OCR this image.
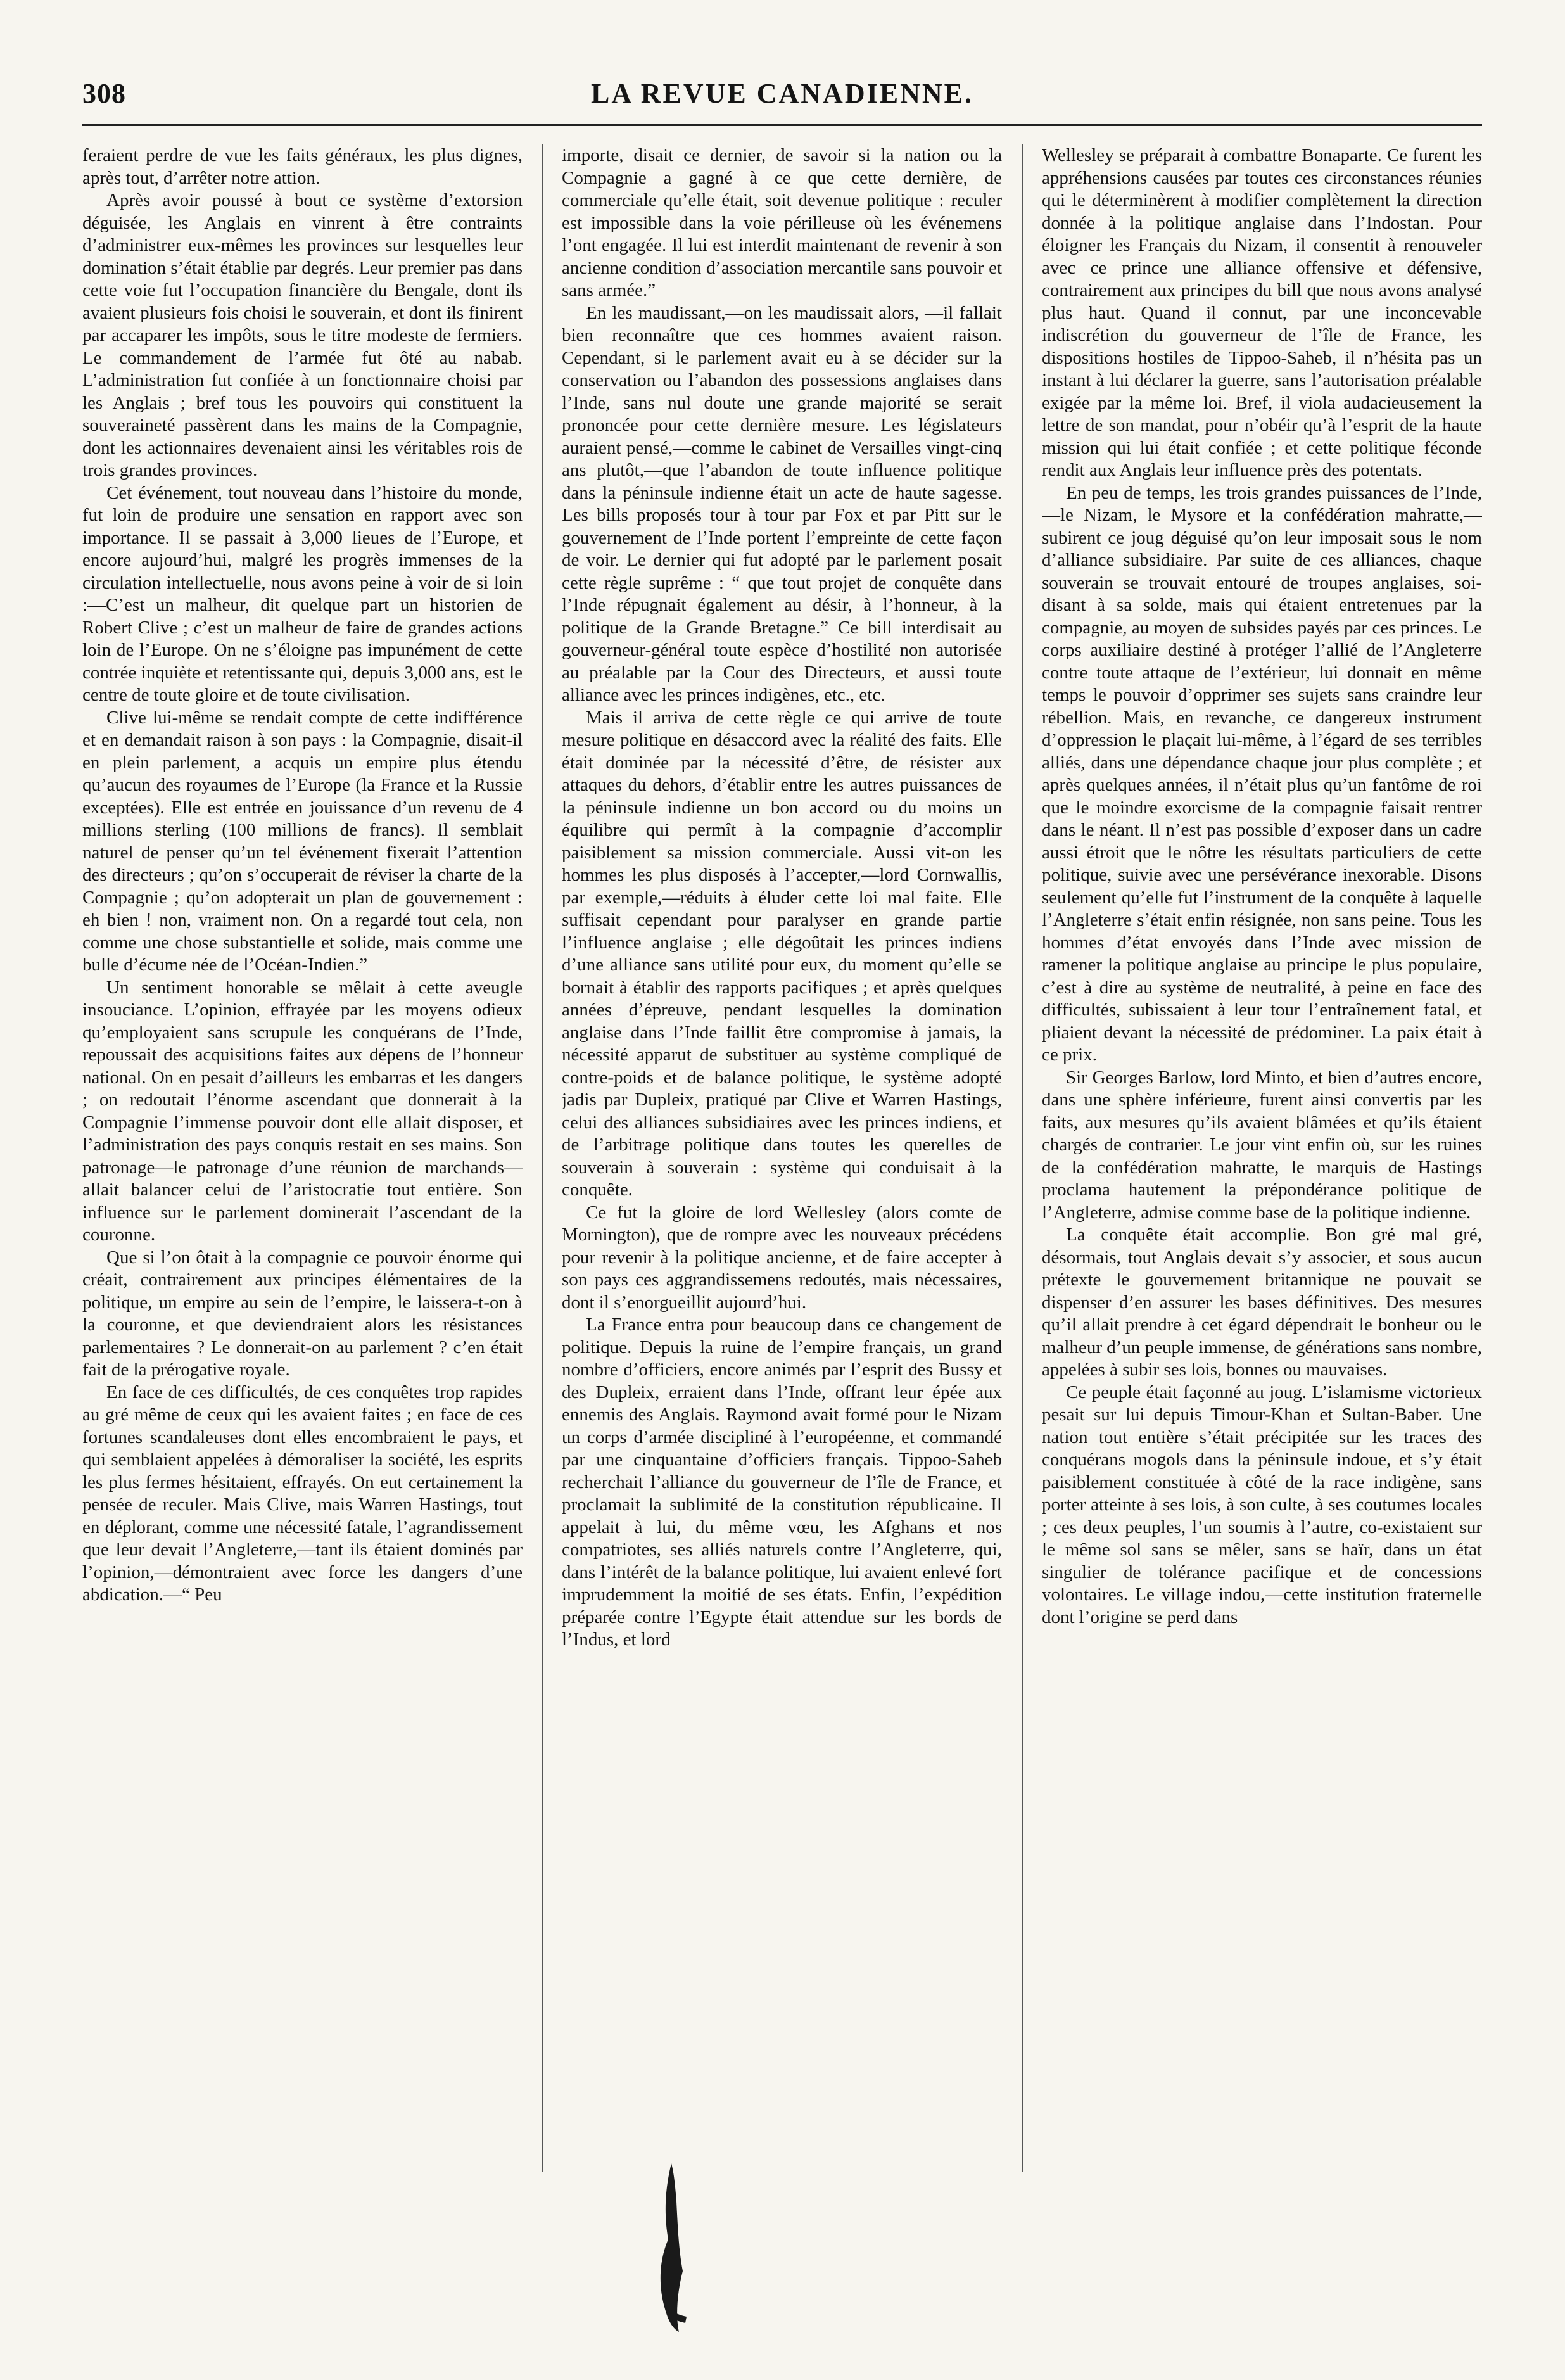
308	LA REVUE CANADIENNE.

feraient perdre de vue les faits généraux, les plus dignes, après tout, d’arrêter notre attion.

Après avoir poussé à bout ce système d’extorsion déguisée, les Anglais en vinrent à être contraints d’administrer eux-mêmes les provinces sur lesquelles leur domination s’était établie par degrés. Leur premier pas dans cette voie fut l’occupation financière du Bengale, dont ils avaient plusieurs fois choisi le souverain, et dont ils finirent par accaparer les impôts, sous le titre modeste de fermiers. Le commandement de l’armée fut ôté au nabab. L’administration fut confiée à un fonctionnaire choisi par les Anglais ; bref tous les pouvoirs qui constituent la souveraineté passèrent dans les mains de la Compagnie, dont les actionnaires devenaient ainsi les véritables rois de trois grandes provinces.

Cet événement, tout nouveau dans l’histoire du monde, fut loin de produire une sensation en rapport avec son importance. Il se passait à 3,000 lieues de l’Europe, et encore aujourd’hui, malgré les progrès immenses de la circulation intellectuelle, nous avons peine à voir de si loin :—C’est un malheur, dit quelque part un historien de Robert Clive ; c’est un malheur de faire de grandes actions loin de l’Europe. On ne s’éloigne pas impunément de cette contrée inquiète et retentissante qui, depuis 3,000 ans, est le centre de toute gloire et de toute civilisation.

Clive lui-même se rendait compte de cette indifférence et en demandait raison à son pays : la Compagnie, disait-il en plein parlement, a acquis un empire plus étendu qu’aucun des royaumes de l’Europe (la France et la Russie exceptées). Elle est entrée en jouissance d’un revenu de 4 millions sterling (100 millions de francs). Il semblait naturel de penser qu’un tel événement fixerait l’attention des directeurs ; qu’on s’occuperait de réviser la charte de la Compagnie ; qu’on adopterait un plan de gouvernement : eh bien ! non, vraiment non. On a regardé tout cela, non comme une chose substantielle et solide, mais comme une bulle d’écume née de l’Océan-Indien.”

Un sentiment honorable se mêlait à cette aveugle insouciance. L’opinion, effrayée par les moyens odieux qu’employaient sans scrupule les conquérans de l’Inde, repoussait des acquisitions faites aux dépens de l’honneur national. On en pesait d’ailleurs les embarras et les dangers ; on redoutait l’énorme ascendant que donnerait à la Compagnie l’immense pouvoir dont elle allait disposer, et l’administration des pays conquis restait en ses mains. Son patronage—le patronage d’une réunion de marchands—allait balancer celui de l’aristocratie tout entière. Son influence sur le parlement dominerait l’ascendant de la couronne.

Que si l’on ôtait à la compagnie ce pouvoir énorme qui créait, contrairement aux principes élémentaires de la politique, un empire au sein de l’empire, le laissera-t-on à la couronne, et que deviendraient alors les résistances parlementaires ? Le donnerait-on au parlement ? c’en était fait de la prérogative royale.

En face de ces difficultés, de ces conquêtes trop rapides au gré même de ceux qui les avaient faites ; en face de ces fortunes scandaleuses dont elles encombraient le pays, et qui semblaient appelées à démoraliser la société, les esprits les plus fermes hésitaient, effrayés. On eut certainement la pensée de reculer. Mais Clive, mais Warren Hastings, tout en déplorant, comme une nécessité fatale, l’agrandissement que leur devait l’Angleterre,—tant ils étaient dominés par l’opinion,—démontraient avec force les dangers d’une abdication.—“ Peu

importe, disait ce dernier, de savoir si la nation ou la Compagnie a gagné à ce que cette dernière, de commerciale qu’elle était, soit devenue politique : reculer est impossible dans la voie périlleuse où les événemens l’ont engagée. Il lui est interdit maintenant de revenir à son ancienne condition d’association mercantile sans pouvoir et sans armée.”

En les maudissant,—on les maudissait alors, —il fallait bien reconnaître que ces hommes avaient raison. Cependant, si le parlement avait eu à se décider sur la conservation ou l’abandon des possessions anglaises dans l’Inde, sans nul doute une grande majorité se serait prononcée pour cette dernière mesure. Les législateurs auraient pensé,—comme le cabinet de Versailles vingt-cinq ans plutôt,—que l’abandon de toute influence politique dans la péninsule indienne était un acte de haute sagesse. Les bills proposés tour à tour par Fox et par Pitt sur le gouvernement de l’Inde portent l’empreinte de cette façon de voir. Le dernier qui fut adopté par le parlement posait cette règle suprême : “ que tout projet de conquête dans l’Inde répugnait également au désir, à l’honneur, à la politique de la Grande Bretagne.” Ce bill interdisait au gouverneur-général toute espèce d’hostilité non autorisée au préalable par la Cour des Directeurs, et aussi toute alliance avec les princes indigènes, etc., etc.

Mais il arriva de cette règle ce qui arrive de toute mesure politique en désaccord avec la réalité des faits. Elle était dominée par la nécessité d’être, de résister aux attaques du dehors, d’établir entre les autres puissances de la péninsule indienne un bon accord ou du moins un équilibre qui permît à la compagnie d’accomplir paisiblement sa mission commerciale. Aussi vit-on les hommes les plus disposés à l’accepter,—lord Cornwallis, par exemple,—réduits à éluder cette loi mal faite. Elle suffisait cependant pour paralyser en grande partie l’influence anglaise ; elle dégoûtait les princes indiens d’une alliance sans utilité pour eux, du moment qu’elle se bornait à établir des rapports pacifiques ; et après quelques années d’épreuve, pendant lesquelles la domination anglaise dans l’Inde faillit être compromise à jamais, la nécessité apparut de substituer au système compliqué de contre-poids et de balance politique, le système adopté jadis par Dupleix, pratiqué par Clive et Warren Hastings, celui des alliances subsidiaires avec les princes indiens, et de l’arbitrage politique dans toutes les querelles de souverain à souverain : système qui conduisait à la conquête.

Ce fut la gloire de lord Wellesley (alors comte de Mornington), que de rompre avec les nouveaux précédens pour revenir à la politique ancienne, et de faire accepter à son pays ces aggrandissemens redoutés, mais nécessaires, dont il s’enorgueillit aujourd’hui.

La France entra pour beaucoup dans ce changement de politique. Depuis la ruine de l’empire français, un grand nombre d’officiers, encore animés par l’esprit des Bussy et des Dupleix, erraient dans l’Inde, offrant leur épée aux ennemis des Anglais. Raymond avait formé pour le Nizam un corps d’armée discipliné à l’européenne, et commandé par une cinquantaine d’officiers français. Tippoo-Saheb recherchait l’alliance du gouverneur de l’île de France, et proclamait la sublimité de la constitution républicaine. Il appelait à lui, du même vœu, les Afghans et nos compatriotes, ses alliés naturels contre l’Angleterre, qui, dans l’intérêt de la balance politique, lui avaient enlevé fort imprudemment la moitié de ses états. Enfin, l’expédition préparée contre l’Egypte était attendue sur les bords de l’Indus, et lord

Wellesley se préparait à combattre Bonaparte. Ce furent les appréhensions causées par toutes ces circonstances réunies qui le déterminèrent à modifier complètement la direction donnée à la politique anglaise dans l’Indostan. Pour éloigner les Français du Nizam, il consentit à renouveler avec ce prince une alliance offensive et défensive, contrairement aux principes du bill que nous avons analysé plus haut. Quand il connut, par une inconcevable indiscrétion du gouverneur de l’île de France, les dispositions hostiles de Tippoo-Saheb, il n’hésita pas un instant à lui déclarer la guerre, sans l’autorisation préalable exigée par la même loi. Bref, il viola audacieusement la lettre de son mandat, pour n’obéir qu’à l’esprit de la haute mission qui lui était confiée ; et cette politique féconde rendit aux Anglais leur influence près des potentats.

En peu de temps, les trois grandes puissances de l’Inde,—le Nizam, le Mysore et la confédération mahratte,—subirent ce joug déguisé qu’on leur imposait sous le nom d’alliance subsidiaire. Par suite de ces alliances, chaque souverain se trouvait entouré de troupes anglaises, soi-disant à sa solde, mais qui étaient entretenues par la compagnie, au moyen de subsides payés par ces princes. Le corps auxiliaire destiné à protéger l’allié de l’Angleterre contre toute attaque de l’extérieur, lui donnait en même temps le pouvoir d’opprimer ses sujets sans craindre leur rébellion. Mais, en revanche, ce dangereux instrument d’oppression le plaçait lui-même, à l’égard de ses terribles alliés, dans une dépendance chaque jour plus complète ; et après quelques années, il n’était plus qu’un fantôme de roi que le moindre exorcisme de la compagnie faisait rentrer dans le néant. Il n’est pas possible d’exposer dans un cadre aussi étroit que le nôtre les résultats particuliers de cette politique, suivie avec une persévérance inexorable. Disons seulement qu’elle fut l’instrument de la conquête à laquelle l’Angleterre s’était enfin résignée, non sans peine. Tous les hommes d’état envoyés dans l’Inde avec mission de ramener la politique anglaise au principe le plus populaire, c’est à dire au système de neutralité, à peine en face des difficultés, subissaient à leur tour l’entraînement fatal, et pliaient devant la nécessité de prédominer. La paix était à ce prix.

Sir Georges Barlow, lord Minto, et bien d’autres encore, dans une sphère inférieure, furent ainsi convertis par les faits, aux mesures qu’ils avaient blâmées et qu’ils étaient chargés de contrarier. Le jour vint enfin où, sur les ruines de la confédération mahratte, le marquis de Hastings proclama hautement la prépondérance politique de l’Angleterre, admise comme base de la politique indienne.

La conquête était accomplie. Bon gré mal gré, désormais, tout Anglais devait s’y associer, et sous aucun prétexte le gouvernement britannique ne pouvait se dispenser d’en assurer les bases définitives. Des mesures qu’il allait prendre à cet égard dépendrait le bonheur ou le malheur d’un peuple immense, de générations sans nombre, appelées à subir ses lois, bonnes ou mauvaises.

Ce peuple était façonné au joug. L’islamisme victorieux pesait sur lui depuis Timour-Khan et Sultan-Baber. Une nation tout entière s’était précipitée sur les traces des conquérans mogols dans la péninsule indoue, et s’y était paisiblement constituée à côté de la race indigène, sans porter atteinte à ses lois, à son culte, à ses coutumes locales ; ces deux peuples, l’un soumis à l’autre, co-existaient sur le même sol sans se mêler, sans se haïr, dans un état singulier de tolérance pacifique et de concessions volontaires. Le village indou,—cette institution fraternelle dont l’origine se perd dans
